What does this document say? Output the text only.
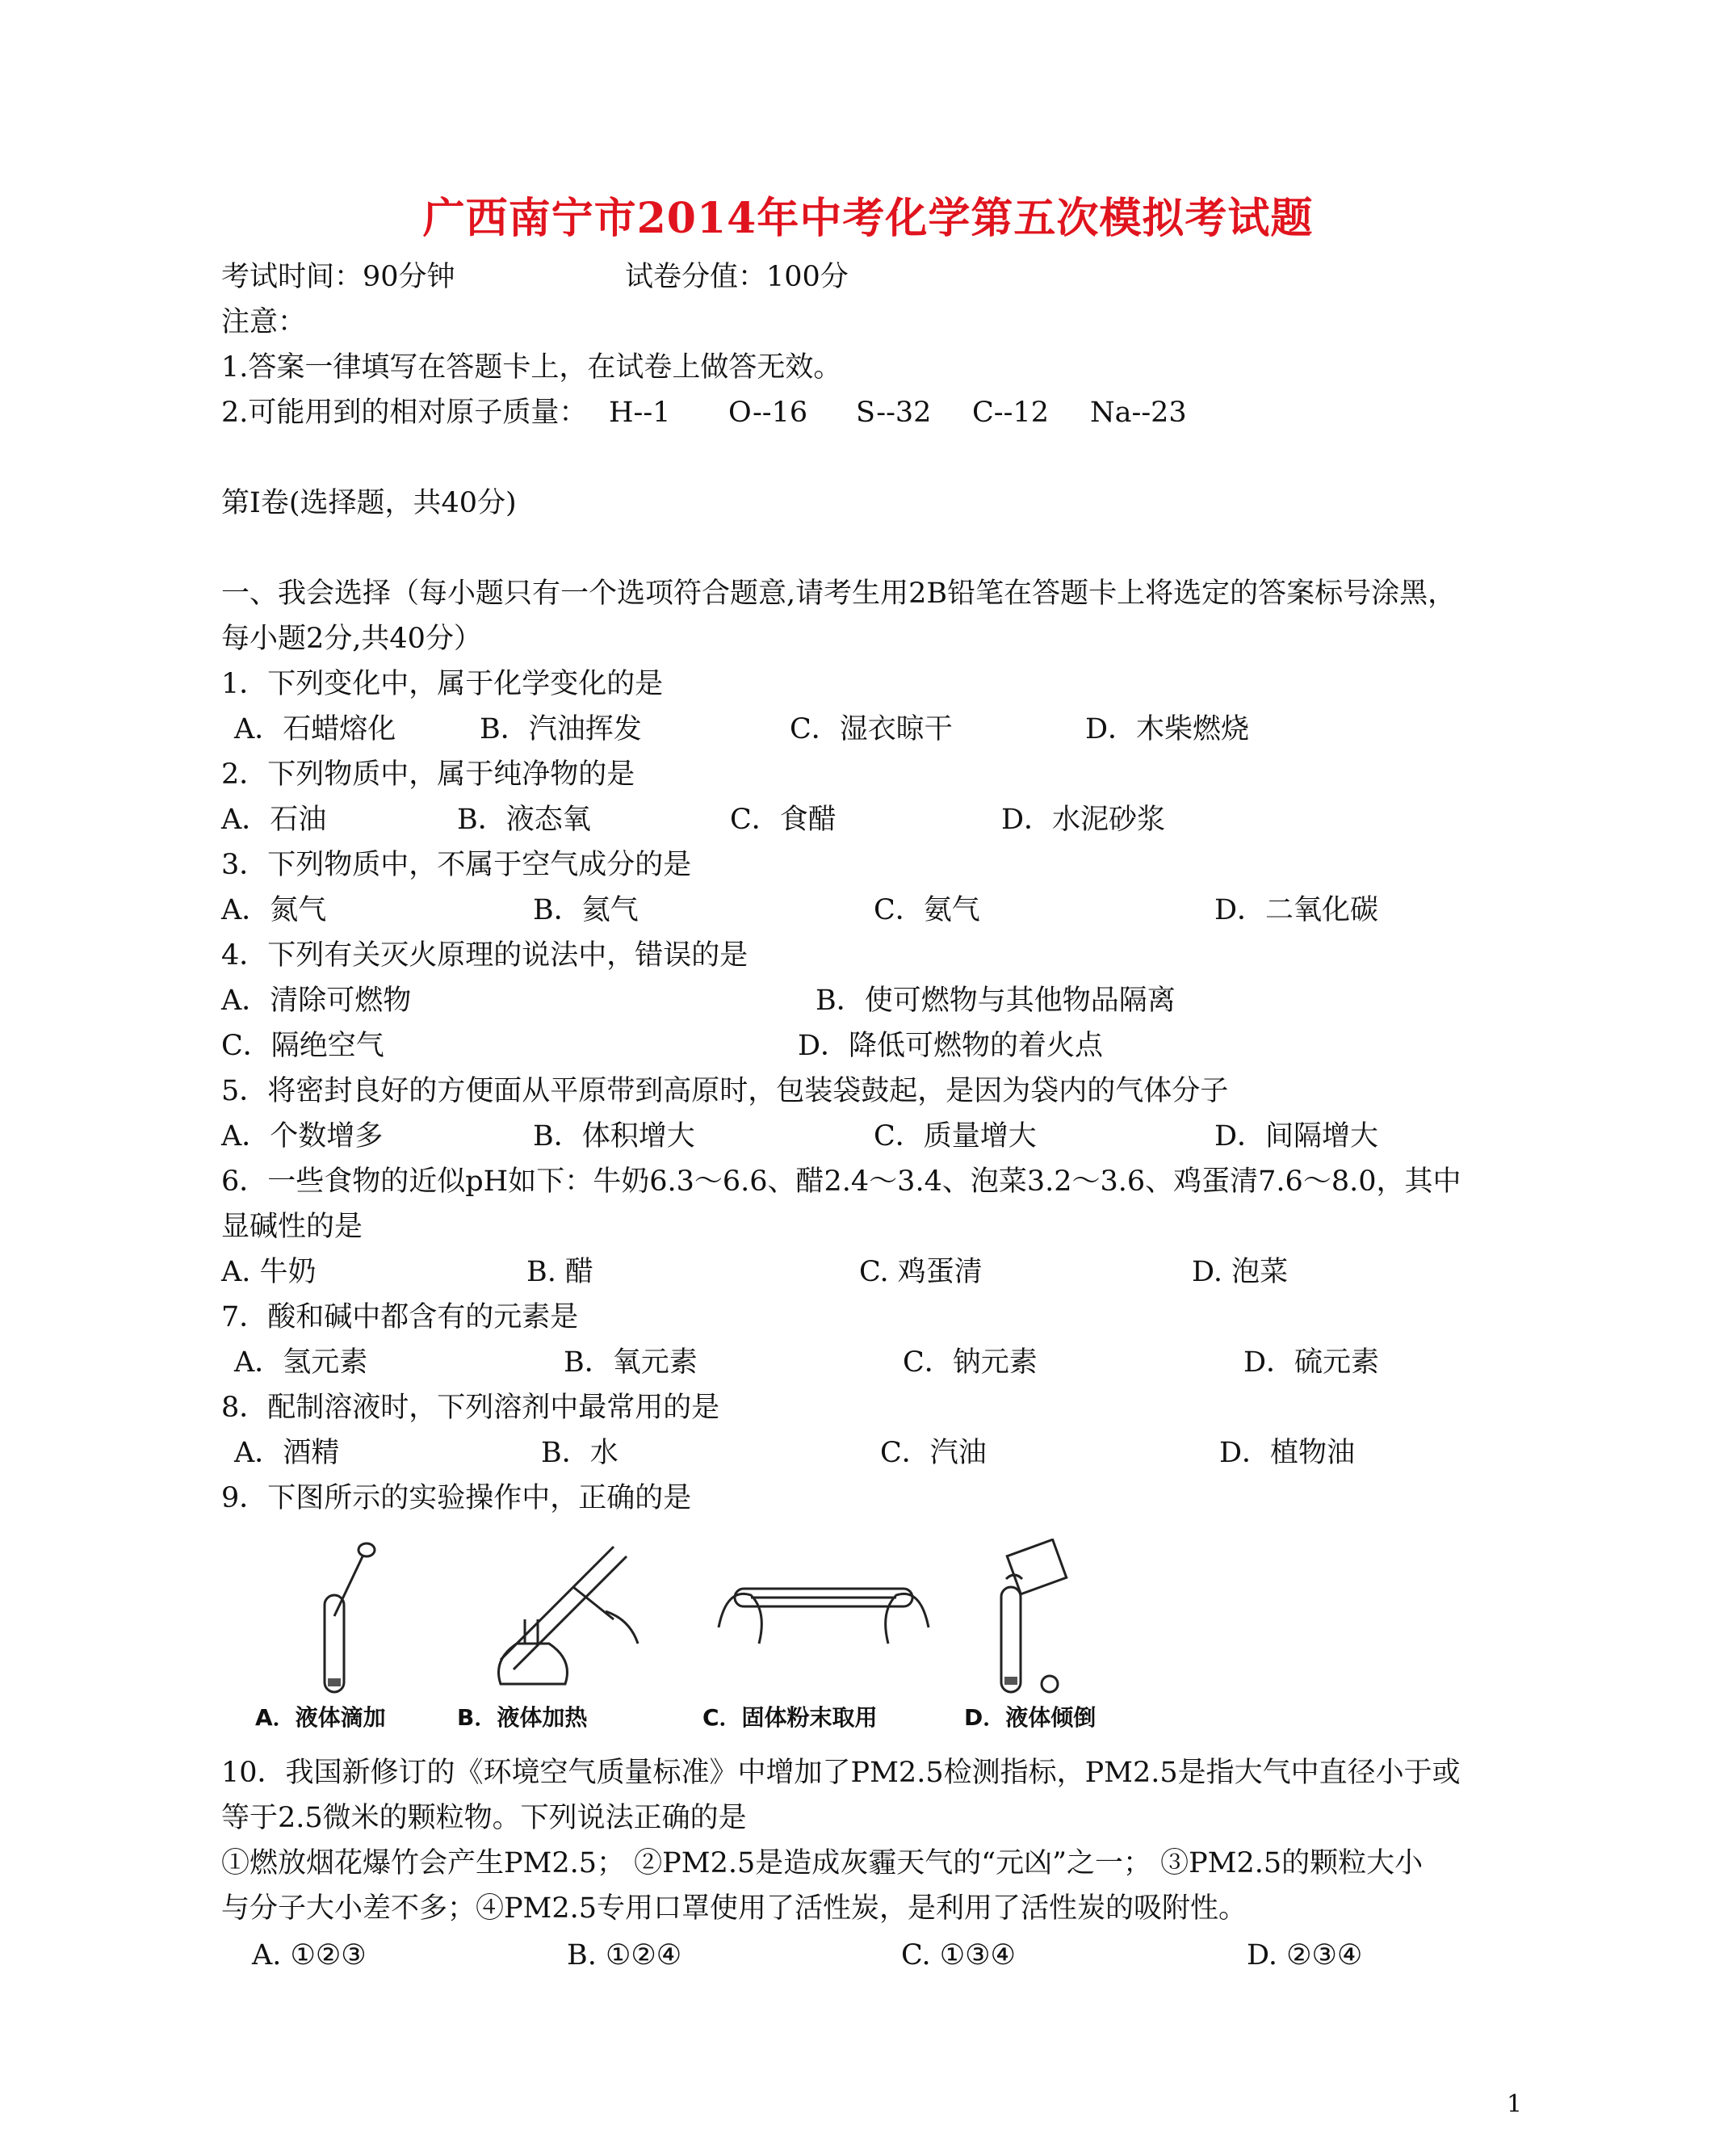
广西南宁市2014年中考化学第五次模拟考试题
考试时间：90分钟	试卷分值：100分
注意：
1.答案一律填写在答题卡上，在试卷上做答无效。
2.可能用到的相对原子质量： H--1 O--16 S--32 C--12 Na--23
第Ⅰ卷(选择题，共40分)
一、我会选择（每小题只有一个选项符合题意,请考生用2B铅笔在答题卡上将选定的答案标号涂黑，
每小题2分,共40分）
1．下列变化中，属于化学变化的是
A．石蜡熔化	B．汽油挥发	C．湿衣晾干	D．木柴燃烧
2．下列物质中，属于纯净物的是
A．石油	B．液态氧	C．食醋	D．水泥砂浆
3．下列物质中，不属于空气成分的是
A．氮气	B．氦气	C．氨气	D．二氧化碳
4．下列有关灭火原理的说法中，错误的是
A．清除可燃物	B．使可燃物与其他物品隔离
C．隔绝空气	D．降低可燃物的着火点
5．将密封良好的方便面从平原带到高原时，包装袋鼓起，是因为袋内的气体分子
A．个数增多	B．体积增大	C．质量增大	D．间隔增大
6．一些食物的近似pH如下：牛奶6.3～6.6、醋2.4～3.4、泡菜3.2～3.6、鸡蛋清7.6～8.0，其中
显碱性的是
A. 牛奶	B. 醋	C. 鸡蛋清	D. 泡菜
7．酸和碱中都含有的元素是
A．氢元素	B．氧元素	C．钠元素	D．硫元素
8．配制溶液时，下列溶剂中最常用的是
A．酒精	B．水	C．汽油	D．植物油
9．下图所示的实验操作中，正确的是
A．液体滴加	B．液体加热	C．固体粉末取用	D．液体倾倒
10．我国新修订的《环境空气质量标准》中增加了PM2.5检测指标，PM2.5是指大气中直径小于或
等于2.5微米的颗粒物。下列说法正确的是
①燃放烟花爆竹会产生PM2.5； ②PM2.5是造成灰霾天气的“元凶”之一； ③PM2.5的颗粒大小
与分子大小差不多；④PM2.5专用口罩使用了活性炭，是利用了活性炭的吸附性。
A. ①②③	B. ①②④	C. ①③④	D. ②③④
1
